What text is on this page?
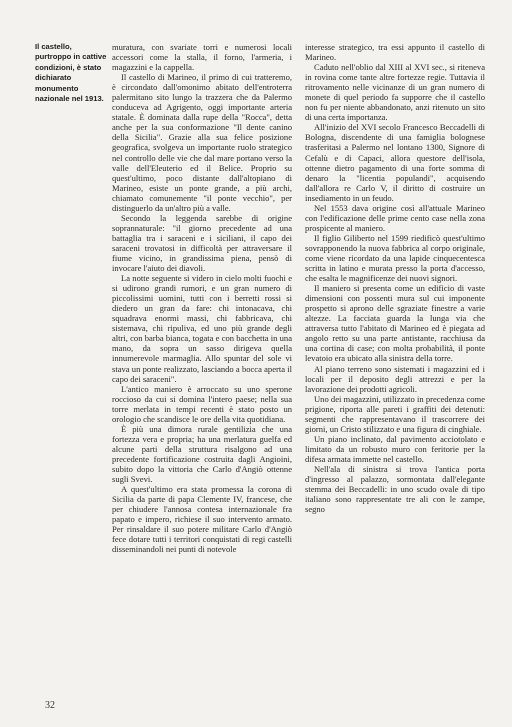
Il castello, purtroppo in cattive condizioni, è stato dichiarato monumento nazionale nel 1913.

muratura, con svariate torri e numerosi locali accessori come la stalla, il forno, l'armeria, i magazzini e la cappella.

Il castello di Marineo, il primo di cui tratteremo, è circondato dall'omonimo abitato dell'entroterra palermitano sito lungo la trazzera che da Palermo conduceva ad Agrigento, oggi importante arteria statale. È dominata dalla rupe della "Rocca", detta anche per la sua conformazione "Il dente canino della Sicilia". Grazie alla sua felice posizione geografica, svolgeva un importante ruolo strategico nel controllo delle vie che dal mare portano verso la valle dell'Eleuterio ed il Belice. Proprio su quest'ultimo, poco distante dall'altopiano di Marineo, esiste un ponte grande, a più archi, chiamato comunemente "il ponte vecchio", per distinguerlo da un'altro più a valle.

Secondo la leggenda sarebbe di origine soprannaturale: "il giorno precedente ad una battaglia tra i saraceni e i siciliani, il capo dei saraceni trovatosi in difficoltà per attraversare il fiume vicino, in grandissima piena, pensò di invocare l'aiuto dei diavoli.

La notte seguente si videro in cielo molti fuochi e si udirono grandi rumori, e un gran numero di piccolissimi uomini, tutti con i berretti rossi si diedero un gran da fare: chi intonacava, chi squadrava enormi massi, chi fabbricava, chi sistemava, chi ripuliva, ed uno più grande degli altri, con barba bianca, togata e con bacchetta in una mano, da sopra un sasso dirigeva quella innumerevole marmaglia. Allo spuntar del sole vi stava un ponte realizzato, lasciando a bocca aperta il capo dei saraceni".

L'antico maniero è arroccato su uno sperone roccioso da cui si domina l'intero paese; nella sua torre merlata in tempi recenti è stato posto un orologio che scandisce le ore della vita quotidiana.

È più una dimora rurale gentilizia che una fortezza vera e propria; ha una merlatura guelfa ed alcune parti della struttura risalgono ad una precedente fortificazione costruita dagli Angioini, subito dopo la vittoria che Carlo d'Angiò ottenne sugli Svevi.

A quest'ultimo era stata promessa la corona di Sicilia da parte di papa Clemente IV, francese, che per chiudere l'annosa contesa internazionale fra papato e impero, richiese il suo intervento armato. Per rinsaldare il suo potere militare Carlo d'Angiò fece dotare tutti i territori conquistati di regi castelli disseminandoli nei punti di notevole

interesse strategico, tra essi appunto il castello di Marineo.

Caduto nell'oblio dal XIII al XVI sec., si riteneva in rovina come tante altre fortezze regie. Tuttavia il ritrovamento nelle vicinanze di un gran numero di monete di quel periodo fa supporre che il castello non fu per niente abbandonato, anzi ritenuto un sito di una certa importanza.

All'inizio del XVI secolo Francesco Beccadelli di Bologna, discendente di una famiglia bolognese trasferitasi a Palermo nel lontano 1300, Signore di Cefalù e di Capaci, allora questore dell'isola, ottenne dietro pagamento di una forte somma di denaro la "licentia populandi", acquisendo dall'allora re Carlo V, il diritto di costruire un insediamento in un feudo.

Nel 1553 dava origine così all'attuale Marineo con l'edificazione delle prime cento case nella zona prospicente al maniero.

Il figlio Giliberto nel 1599 riedificò quest'ultimo sovrapponendo la nuova fabbrica al corpo originale, come viene ricordato da una lapide cinquecentesca scritta in latino e murata presso la porta d'accesso, che esalta le magnificenze dei nuovi signori.

Il maniero si presenta come un edificio di vaste dimensioni con possenti mura sul cui imponente prospetto si aprono delle sgraziate finestre a varie altezze. La facciata guarda la lunga via che attraversa tutto l'abitato di Marineo ed è piegata ad angolo retto su una parte antistante, racchiusa da una cortina di case; con molta probabilità, il ponte levatoio era ubicato alla sinistra della torre.

Al piano terreno sono sistemati i magazzini ed i locali per il deposito degli attrezzi e per la lavorazione dei prodotti agricoli.

Uno dei magazzini, utilizzato in precedenza come prigione, riporta alle pareti i graffiti dei detenuti: segmenti che rappresentavano il trascorrere dei giorni, un Cristo stilizzato e una figura di cinghiale.

Un piano inclinato, dal pavimento acciotolato e limitato da un robusto muro con feritorie per la difesa armata immette nel castello.

Nell'ala di sinistra si trova l'antica porta d'ingresso al palazzo, sormontata dall'elegante stemma dei Beccadelli: in uno scudo ovale di tipo italiano sono rappresentate tre ali con le zampe, segno

32
